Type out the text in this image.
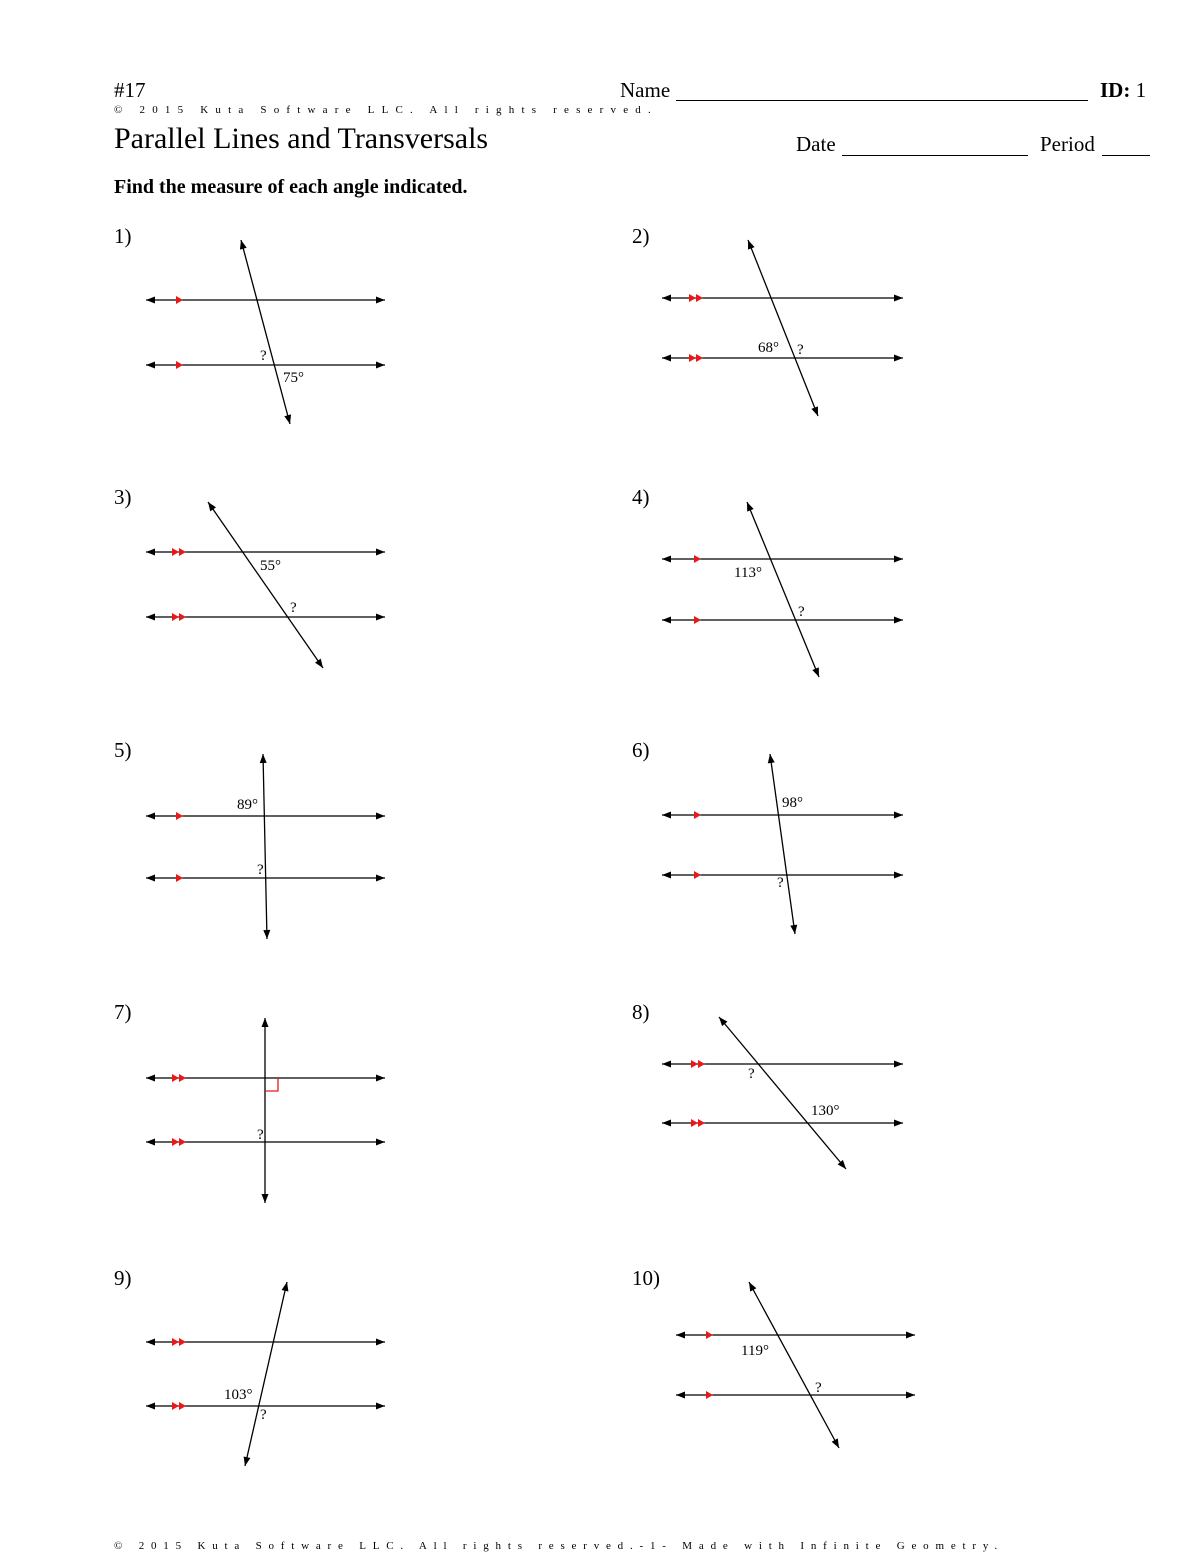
#17	Name	ID: 1
© 2015 Kuta Software LLC. All rights reserved.
Parallel Lines and Transversals	Date	Period
Find the measure of each angle indicated.
1)	2)
3)	4)
5)	6)
7)	8)
9)	10)
75°
?	68° ?
55°
?
113°
?
89°
?
98°
?
?
130°
?
103°
?
119°
?
© 2015 Kuta Software LLC. All rights reserved.-1- Made with Infinite Geometry.
